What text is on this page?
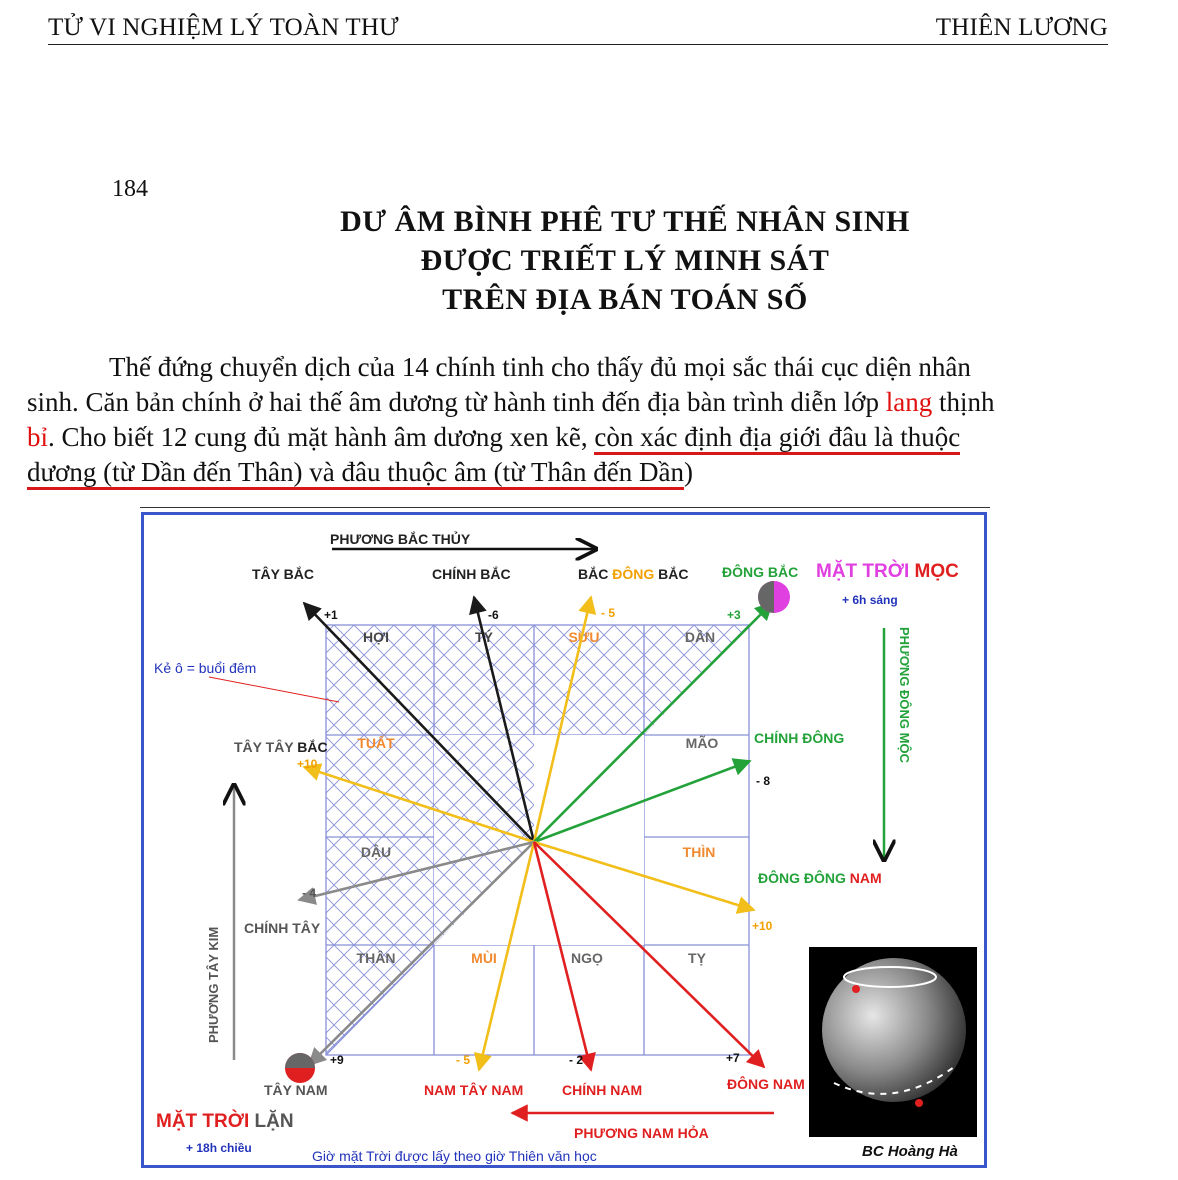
TỬ VI NGHIỆM LÝ TOÀN THƯ	THIÊN LƯƠNG
184
DƯ ÂM BÌNH PHÊ TƯ THẾ NHÂN SINH
ĐƯỢC TRIẾT LÝ MINH SÁT
TRÊN ĐỊA BÁN TOÁN SỐ
Thế đứng chuyển dịch của 14 chính tinh cho thấy đủ mọi sắc thái cục diện nhân
sinh. Căn bản chính ở hai thế âm dương từ hành tinh đến địa bàn trình diễn lớp lang thịnh
bỉ. Cho biết 12 cung đủ mặt hành âm dương xen kẽ, còn xác định địa giới đâu là thuộc
dương (từ Dần đến Thân) và đâu thuộc âm (từ Thân đến Dần)
HỢI	TÝ	SỬU	DẦN
TUẤT	MÃO
DẬU	THÌN
THÂN	MÙI	NGỌ	TỴ
PHƯƠNG BẮC THỦY
TÂY BẮC	CHÍNH BẮC	BẮC ĐÔNG BẮC ĐÔNG BẮC
TÂY TÂY BẮC
CHÍNH ĐÔNG
ĐÔNG ĐÔNG NAM
CHÍNH TÂY
TÂY NAM	NAM TÂY NAM	CHÍNH NAM	ĐÔNG NAM
PHƯƠNG NAM HỎA
+1	-6	- 5	+3
+10
- 8
- 4
+10
+9	- 5	- 2	+7
MẶT TRỜI MỌC
+ 6h sáng
MẶT TRỜI LẶN
+ 18h chiều
PHƯƠNG ĐÔNG MỘC
PHƯƠNG TÂY KIM
Kẻ ô = buổi đêm
Giờ mặt Trời được lấy theo giờ Thiên văn học	BC Hoàng Hà
